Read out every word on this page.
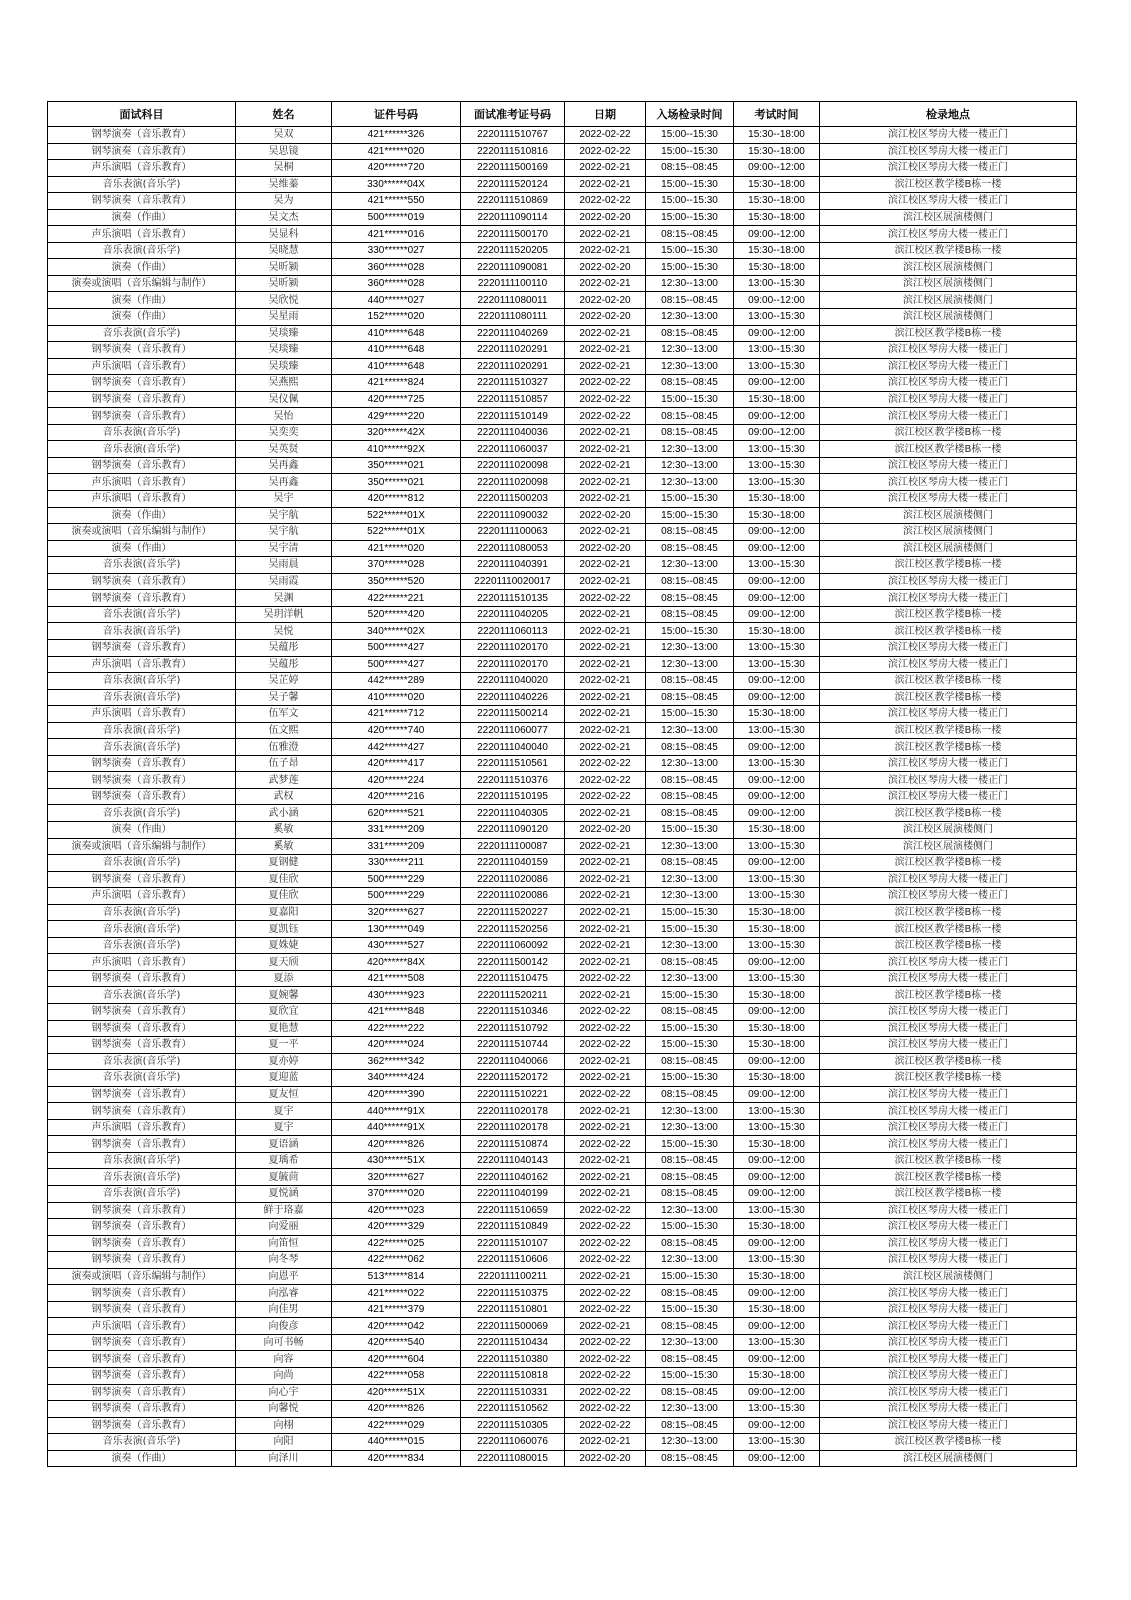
面试科目	姓名	证件号码	面试准考证号码	日期	入场检录时间	考试时间	检录地点
钢琴演奏（音乐教育）	吴双	421******326	2220111510767	2022-02-22	15:00--15:30	15:30--18:00	滨江校区琴房大楼一楼正门
钢琴演奏（音乐教育）	吴思镜	421******020	2220111510816	2022-02-22	15:00--15:30	15:30--18:00	滨江校区琴房大楼一楼正门
声乐演唱（音乐教育）	吴桐	420******720	2220111500169	2022-02-21	08:15--08:45	09:00--12:00	滨江校区琴房大楼一楼正门
音乐表演(音乐学)	吴维蓁	330******04X	2220111520124	2022-02-21	15:00--15:30	15:30--18:00	滨江校区教学楼B栋一楼
钢琴演奏（音乐教育）	吴为	421******550	2220111510869	2022-02-22	15:00--15:30	15:30--18:00	滨江校区琴房大楼一楼正门
演奏（作曲）	吴文杰	500******019	2220111090114	2022-02-20	15:00--15:30	15:30--18:00	滨江校区展演楼侧门
声乐演唱（音乐教育）	吴显科	421******016	2220111500170	2022-02-21	08:15--08:45	09:00--12:00	滨江校区琴房大楼一楼正门
音乐表演(音乐学)	吴晓慧	330******027	2220111520205	2022-02-21	15:00--15:30	15:30--18:00	滨江校区教学楼B栋一楼
演奏（作曲）	吴昕颍	360******028	2220111090081	2022-02-20	15:00--15:30	15:30--18:00	滨江校区展演楼侧门
演奏或演唱（音乐编辑与制作）	吴昕颍	360******028	2220111100110	2022-02-21	12:30--13:00	13:00--15:30	滨江校区展演楼侧门
演奏（作曲）	吴欣悦	440******027	2220111080011	2022-02-20	08:15--08:45	09:00--12:00	滨江校区展演楼侧门
演奏（作曲）	吴星雨	152******020	2220111080111	2022-02-20	12:30--13:00	13:00--15:30	滨江校区展演楼侧门
音乐表演(音乐学)	吴琰臻	410******648	2220111040269	2022-02-21	08:15--08:45	09:00--12:00	滨江校区教学楼B栋一楼
钢琴演奏（音乐教育）	吴琰臻	410******648	2220111020291	2022-02-21	12:30--13:00	13:00--15:30	滨江校区琴房大楼一楼正门
声乐演唱（音乐教育）	吴琰臻	410******648	2220111020291	2022-02-21	12:30--13:00	13:00--15:30	滨江校区琴房大楼一楼正门
钢琴演奏（音乐教育）	吴燕熙	421******824	2220111510327	2022-02-22	08:15--08:45	09:00--12:00	滨江校区琴房大楼一楼正门
钢琴演奏（音乐教育）	吴仪佩	420******725	2220111510857	2022-02-22	15:00--15:30	15:30--18:00	滨江校区琴房大楼一楼正门
钢琴演奏（音乐教育）	吴怡	429******220	2220111510149	2022-02-22	08:15--08:45	09:00--12:00	滨江校区琴房大楼一楼正门
音乐表演(音乐学)	吴奕奕	320******42X	2220111040036	2022-02-21	08:15--08:45	09:00--12:00	滨江校区教学楼B栋一楼
音乐表演(音乐学)	吴英贤	410******92X	2220111060037	2022-02-21	12:30--13:00	13:00--15:30	滨江校区教学楼B栋一楼
钢琴演奏（音乐教育）	吴再鑫	350******021	2220111020098	2022-02-21	12:30--13:00	13:00--15:30	滨江校区琴房大楼一楼正门
声乐演唱（音乐教育）	吴再鑫	350******021	2220111020098	2022-02-21	12:30--13:00	13:00--15:30	滨江校区琴房大楼一楼正门
声乐演唱（音乐教育）	吴宇	420******812	2220111500203	2022-02-21	15:00--15:30	15:30--18:00	滨江校区琴房大楼一楼正门
演奏（作曲）	吴宇航	522******01X	2220111090032	2022-02-20	15:00--15:30	15:30--18:00	滨江校区展演楼侧门
演奏或演唱（音乐编辑与制作）	吴宇航	522******01X	2220111100063	2022-02-21	08:15--08:45	09:00--12:00	滨江校区展演楼侧门
演奏（作曲）	吴宇清	421******020	2220111080053	2022-02-20	08:15--08:45	09:00--12:00	滨江校区展演楼侧门
音乐表演(音乐学)	吴雨晨	370******028	2220111040391	2022-02-21	12:30--13:00	13:00--15:30	滨江校区教学楼B栋一楼
钢琴演奏（音乐教育）	吴雨霞	350******520	22201110020017	2022-02-21	08:15--08:45	09:00--12:00	滨江校区琴房大楼一楼正门
钢琴演奏（音乐教育）	吴渊	422******221	2220111510135	2022-02-22	08:15--08:45	09:00--12:00	滨江校区琴房大楼一楼正门
音乐表演(音乐学)	吴玥洋帆	520******420	2220111040205	2022-02-21	08:15--08:45	09:00--12:00	滨江校区教学楼B栋一楼
音乐表演(音乐学)	吴悦	340******02X	2220111060113	2022-02-21	15:00--15:30	15:30--18:00	滨江校区教学楼B栋一楼
钢琴演奏（音乐教育）	吴蕴彤	500******427	2220111020170	2022-02-21	12:30--13:00	13:00--15:30	滨江校区琴房大楼一楼正门
声乐演唱（音乐教育）	吴蕴彤	500******427	2220111020170	2022-02-21	12:30--13:00	13:00--15:30	滨江校区琴房大楼一楼正门
音乐表演(音乐学)	吴芷婷	442******289	2220111040020	2022-02-21	08:15--08:45	09:00--12:00	滨江校区教学楼B栋一楼
音乐表演(音乐学)	吴子馨	410******020	2220111040226	2022-02-21	08:15--08:45	09:00--12:00	滨江校区教学楼B栋一楼
声乐演唱（音乐教育）	伍军文	421******712	2220111500214	2022-02-21	15:00--15:30	15:30--18:00	滨江校区琴房大楼一楼正门
音乐表演(音乐学)	伍文熙	420******740	2220111060077	2022-02-21	12:30--13:00	13:00--15:30	滨江校区教学楼B栋一楼
音乐表演(音乐学)	伍雅澄	442******427	2220111040040	2022-02-21	08:15--08:45	09:00--12:00	滨江校区教学楼B栋一楼
钢琴演奏（音乐教育）	伍子昂	420******417	2220111510561	2022-02-22	12:30--13:00	13:00--15:30	滨江校区琴房大楼一楼正门
钢琴演奏（音乐教育）	武梦莲	420******224	2220111510376	2022-02-22	08:15--08:45	09:00--12:00	滨江校区琴房大楼一楼正门
钢琴演奏（音乐教育）	武权	420******216	2220111510195	2022-02-22	08:15--08:45	09:00--12:00	滨江校区琴房大楼一楼正门
音乐表演(音乐学)	武小涵	620******521	2220111040305	2022-02-21	08:15--08:45	09:00--12:00	滨江校区教学楼B栋一楼
演奏（作曲）	奚敏	331******209	2220111090120	2022-02-20	15:00--15:30	15:30--18:00	滨江校区展演楼侧门
演奏或演唱（音乐编辑与制作）	奚敏	331******209	2220111100087	2022-02-21	12:30--13:00	13:00--15:30	滨江校区展演楼侧门
音乐表演(音乐学)	夏钢健	330******211	2220111040159	2022-02-21	08:15--08:45	09:00--12:00	滨江校区教学楼B栋一楼
钢琴演奏（音乐教育）	夏佳欣	500******229	2220111020086	2022-02-21	12:30--13:00	13:00--15:30	滨江校区琴房大楼一楼正门
声乐演唱（音乐教育）	夏佳欣	500******229	2220111020086	2022-02-21	12:30--13:00	13:00--15:30	滨江校区琴房大楼一楼正门
音乐表演(音乐学)	夏嘉阳	320******627	2220111520227	2022-02-21	15:00--15:30	15:30--18:00	滨江校区教学楼B栋一楼
音乐表演(音乐学)	夏凯钰	130******049	2220111520256	2022-02-21	15:00--15:30	15:30--18:00	滨江校区教学楼B栋一楼
音乐表演(音乐学)	夏姝婕	430******527	2220111060092	2022-02-21	12:30--13:00	13:00--15:30	滨江校区教学楼B栋一楼
声乐演唱（音乐教育）	夏天颀	420******84X	2220111500142	2022-02-21	08:15--08:45	09:00--12:00	滨江校区琴房大楼一楼正门
钢琴演奏（音乐教育）	夏添	421******508	2220111510475	2022-02-22	12:30--13:00	13:00--15:30	滨江校区琴房大楼一楼正门
音乐表演(音乐学)	夏婉馨	430******923	2220111520211	2022-02-21	15:00--15:30	15:30--18:00	滨江校区教学楼B栋一楼
钢琴演奏（音乐教育）	夏欣宜	421******848	2220111510346	2022-02-22	08:15--08:45	09:00--12:00	滨江校区琴房大楼一楼正门
钢琴演奏（音乐教育）	夏艳慧	422******222	2220111510792	2022-02-22	15:00--15:30	15:30--18:00	滨江校区琴房大楼一楼正门
钢琴演奏（音乐教育）	夏一平	420******024	2220111510744	2022-02-22	15:00--15:30	15:30--18:00	滨江校区琴房大楼一楼正门
音乐表演(音乐学)	夏亦婷	362******342	2220111040066	2022-02-21	08:15--08:45	09:00--12:00	滨江校区教学楼B栋一楼
音乐表演(音乐学)	夏迎蓝	340******424	2220111520172	2022-02-21	15:00--15:30	15:30--18:00	滨江校区教学楼B栋一楼
钢琴演奏（音乐教育）	夏友恒	420******390	2220111510221	2022-02-22	08:15--08:45	09:00--12:00	滨江校区琴房大楼一楼正门
钢琴演奏（音乐教育）	夏宇	440******91X	2220111020178	2022-02-21	12:30--13:00	13:00--15:30	滨江校区琴房大楼一楼正门
声乐演唱（音乐教育）	夏宇	440******91X	2220111020178	2022-02-21	12:30--13:00	13:00--15:30	滨江校区琴房大楼一楼正门
钢琴演奏（音乐教育）	夏语涵	420******826	2220111510874	2022-02-22	15:00--15:30	15:30--18:00	滨江校区琴房大楼一楼正门
音乐表演(音乐学)	夏瑀希	430******51X	2220111040143	2022-02-21	08:15--08:45	09:00--12:00	滨江校区教学楼B栋一楼
音乐表演(音乐学)	夏毓茴	320******627	2220111040162	2022-02-21	08:15--08:45	09:00--12:00	滨江校区教学楼B栋一楼
音乐表演(音乐学)	夏悦涵	370******020	2220111040199	2022-02-21	08:15--08:45	09:00--12:00	滨江校区教学楼B栋一楼
钢琴演奏（音乐教育）	鲜于珞嘉	420******023	2220111510659	2022-02-22	12:30--13:00	13:00--15:30	滨江校区琴房大楼一楼正门
钢琴演奏（音乐教育）	向爱丽	420******329	2220111510849	2022-02-22	15:00--15:30	15:30--18:00	滨江校区琴房大楼一楼正门
钢琴演奏（音乐教育）	向笛恒	422******025	2220111510107	2022-02-22	08:15--08:45	09:00--12:00	滨江校区琴房大楼一楼正门
钢琴演奏（音乐教育）	向冬琴	422******062	2220111510606	2022-02-22	12:30--13:00	13:00--15:30	滨江校区琴房大楼一楼正门
演奏或演唱（音乐编辑与制作）	向恩平	513******814	2220111100211	2022-02-21	15:00--15:30	15:30--18:00	滨江校区展演楼侧门
钢琴演奏（音乐教育）	向泓睿	421******022	2220111510375	2022-02-22	08:15--08:45	09:00--12:00	滨江校区琴房大楼一楼正门
钢琴演奏（音乐教育）	向佳男	421******379	2220111510801	2022-02-22	15:00--15:30	15:30--18:00	滨江校区琴房大楼一楼正门
声乐演唱（音乐教育）	向俊彦	420******042	2220111500069	2022-02-21	08:15--08:45	09:00--12:00	滨江校区琴房大楼一楼正门
钢琴演奏（音乐教育）	向可书畅	420******540	2220111510434	2022-02-22	12:30--13:00	13:00--15:30	滨江校区琴房大楼一楼正门
钢琴演奏（音乐教育）	向容	420******604	2220111510380	2022-02-22	08:15--08:45	09:00--12:00	滨江校区琴房大楼一楼正门
钢琴演奏（音乐教育）	向尚	422******058	2220111510818	2022-02-22	15:00--15:30	15:30--18:00	滨江校区琴房大楼一楼正门
钢琴演奏（音乐教育）	向心宇	420******51X	2220111510331	2022-02-22	08:15--08:45	09:00--12:00	滨江校区琴房大楼一楼正门
钢琴演奏（音乐教育）	向馨悦	420******826	2220111510562	2022-02-22	12:30--13:00	13:00--15:30	滨江校区琴房大楼一楼正门
钢琴演奏（音乐教育）	向栩	422******029	2220111510305	2022-02-22	08:15--08:45	09:00--12:00	滨江校区琴房大楼一楼正门
音乐表演(音乐学)	向阳	440******015	2220111060076	2022-02-21	12:30--13:00	13:00--15:30	滨江校区教学楼B栋一楼
演奏（作曲）	向泽川	420******834	2220111080015	2022-02-20	08:15--08:45	09:00--12:00	滨江校区展演楼侧门
